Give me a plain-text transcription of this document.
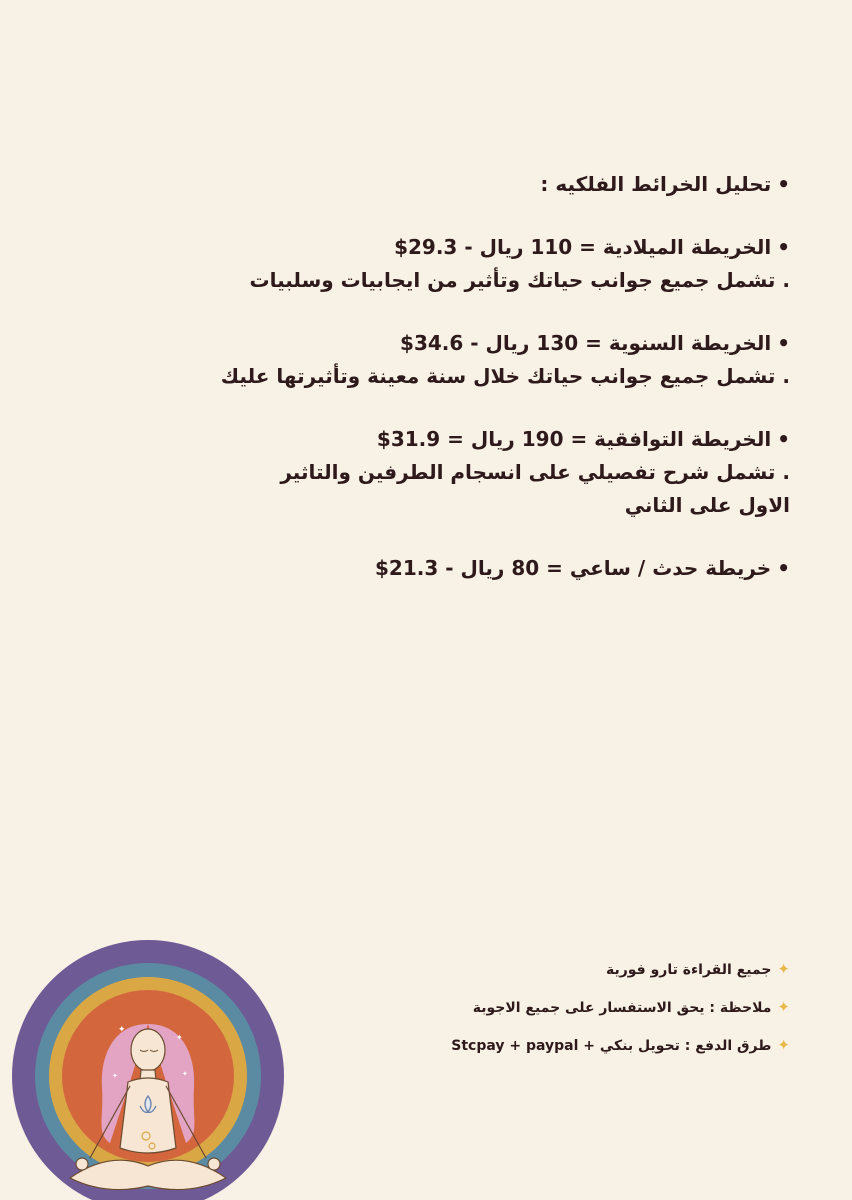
•تحليل الخرائط الفلكيه :

•الخريطة الميلادية = 110 ريال - 29.3$

. تشمل جميع جوانب حياتك وتأثير من ايجابيات وسلبيات

•الخريطة السنوية = 130 ريال - 34.6$

. تشمل جميع جوانب حياتك خلال سنة معينة وتأثيرتها عليك

•الخريطة التوافقية = 190 ريال = 31.9$

. تشمل شرح تفصيلي على انسجام الطرفين والتاثير الاول على الثاني

•خريطة حدث / ساعي = 80 ريال - 21.3$

✦جميع القراءة تارو فورية
✦ملاحظة : يحق الاستفسار على جميع الاجوبة
✦طرق الدفع : تحويل بنكي + Stcpay + paypal
✦
✦
✦	✦
